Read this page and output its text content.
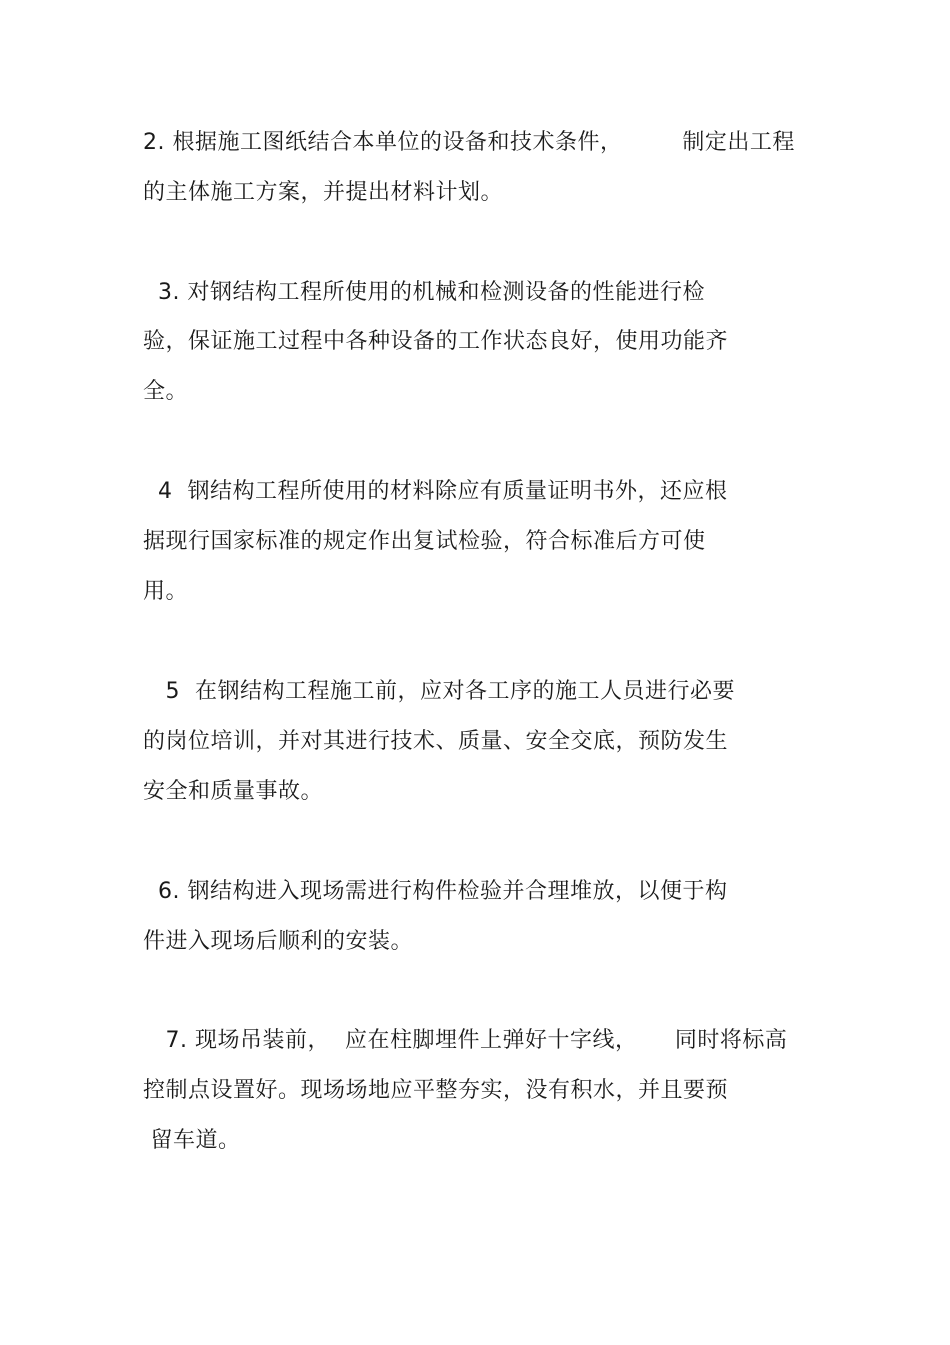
2. 根据施工图纸结合本单位的设备和技术条件，        制定出工程
的主体施工方案，并提出材料计划。
3. 对钢结构工程所使用的机械和检测设备的性能进行检
验，保证施工过程中各种设备的工作状态良好，使用功能齐
全。
4  钢结构工程所使用的材料除应有质量证明书外，还应根
据现行国家标准的规定作出复试检验，符合标准后方可使
用。
5  在钢结构工程施工前，应对各工序的施工人员进行必要
的岗位培训，并对其进行技术、质量、安全交底，预防发生
安全和质量事故。
6. 钢结构进入现场需进行构件检验并合理堆放，以便于构
件进入现场后顺利的安装。
7. 现场吊装前，  应在柱脚埋件上弹好十字线，     同时将标高
控制点设置好。现场场地应平整夯实，没有积水，并且要预
留车道。
